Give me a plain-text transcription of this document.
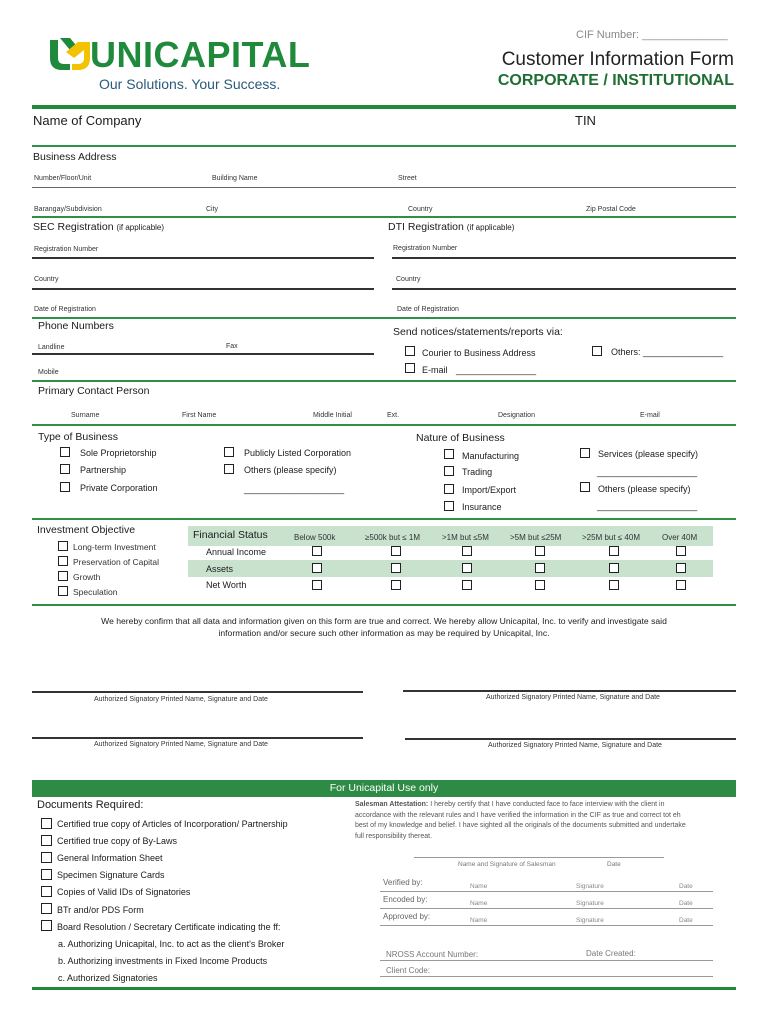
CIF Number: ______________
UNICAPITAL
Our Solutions. Your Success.
Customer Information Form
CORPORATE / INSTITUTIONAL
Name of Company	TIN
Business Address
Number/Floor/Unit	Building Name	Street
Barangay/Subdivision	City	Country	Zip Postal Code
SEC Registration (if applicable)	DTI Registration (if applicable)
Registration Number	Registration Number
Country	Country
Date of Registration	Date of Registration
Phone Numbers
Landline	Fax
Mobile
Send notices/statements/reports via:
Courier to Business Address	Others: ________________
E-mail ________________
Primary Contact Person
Surname	First Name	Middle Initial	Ext.	Designation	E-mail
Type of Business
Sole Proprietorship
Partnership
Private Corporation
Publicly Listed Corporation
Others (please specify)
____________________
Nature of Business
Manufacturing
Trading
Import/Export
Insurance
Services (please specify)
____________________
Others (please specify)
____________________
Investment Objective
Long-term Investment
Preservation of Capital
Growth
Speculation
Financial Status	Below 500k	≥500k but ≤ 1M	>1M but ≤5M	>5M but ≤25M	>25M but ≤ 40M	Over 40M
Annual Income
Assets
Net Worth
We hereby confirm that all data and information given on this form are true and correct. We hereby allow Unicapital, Inc. to verify and investigate said
information and/or secure such other information as may be required by Unicapital, Inc.
Authorized Signatory Printed Name, Signature and Date	Authorized Signatory Printed Name, Signature and Date
Authorized Signatory Printed Name, Signature and Date	Authorized Signatory Printed Name, Signature and Date
For Unicapital Use only
Documents Required:
Certified true copy of Articles of Incorporation/ Partnership
Certified true copy of By-Laws
General Information Sheet
Specimen Signature Cards
Copies of Valid IDs of Signatories
BTr and/or PDS Form
Board Resolution / Secretary Certificate indicating the ff:
a. Authorizing Unicapital, Inc. to act as the client's Broker
b. Authorizing investments in Fixed Income Products
c. Authorized Signatories
Salesman Attestation: I hereby certify that I have conducted face to face interview with the client in
accordance with the relevant rules and I have verified the information in the CIF as true and correct tot eh
best of my knowledge and belief. I have sighted all the originals of the documents submitted and undertake
full responsibility thereat.
Name and Signature of Salesman	Date
Verified by:	Name	Signature	Date
Encoded by:	Name	Signature	Date
Approved by:	Name	Signature	Date
NROSS Account Number:	Date Created:
Client Code:
